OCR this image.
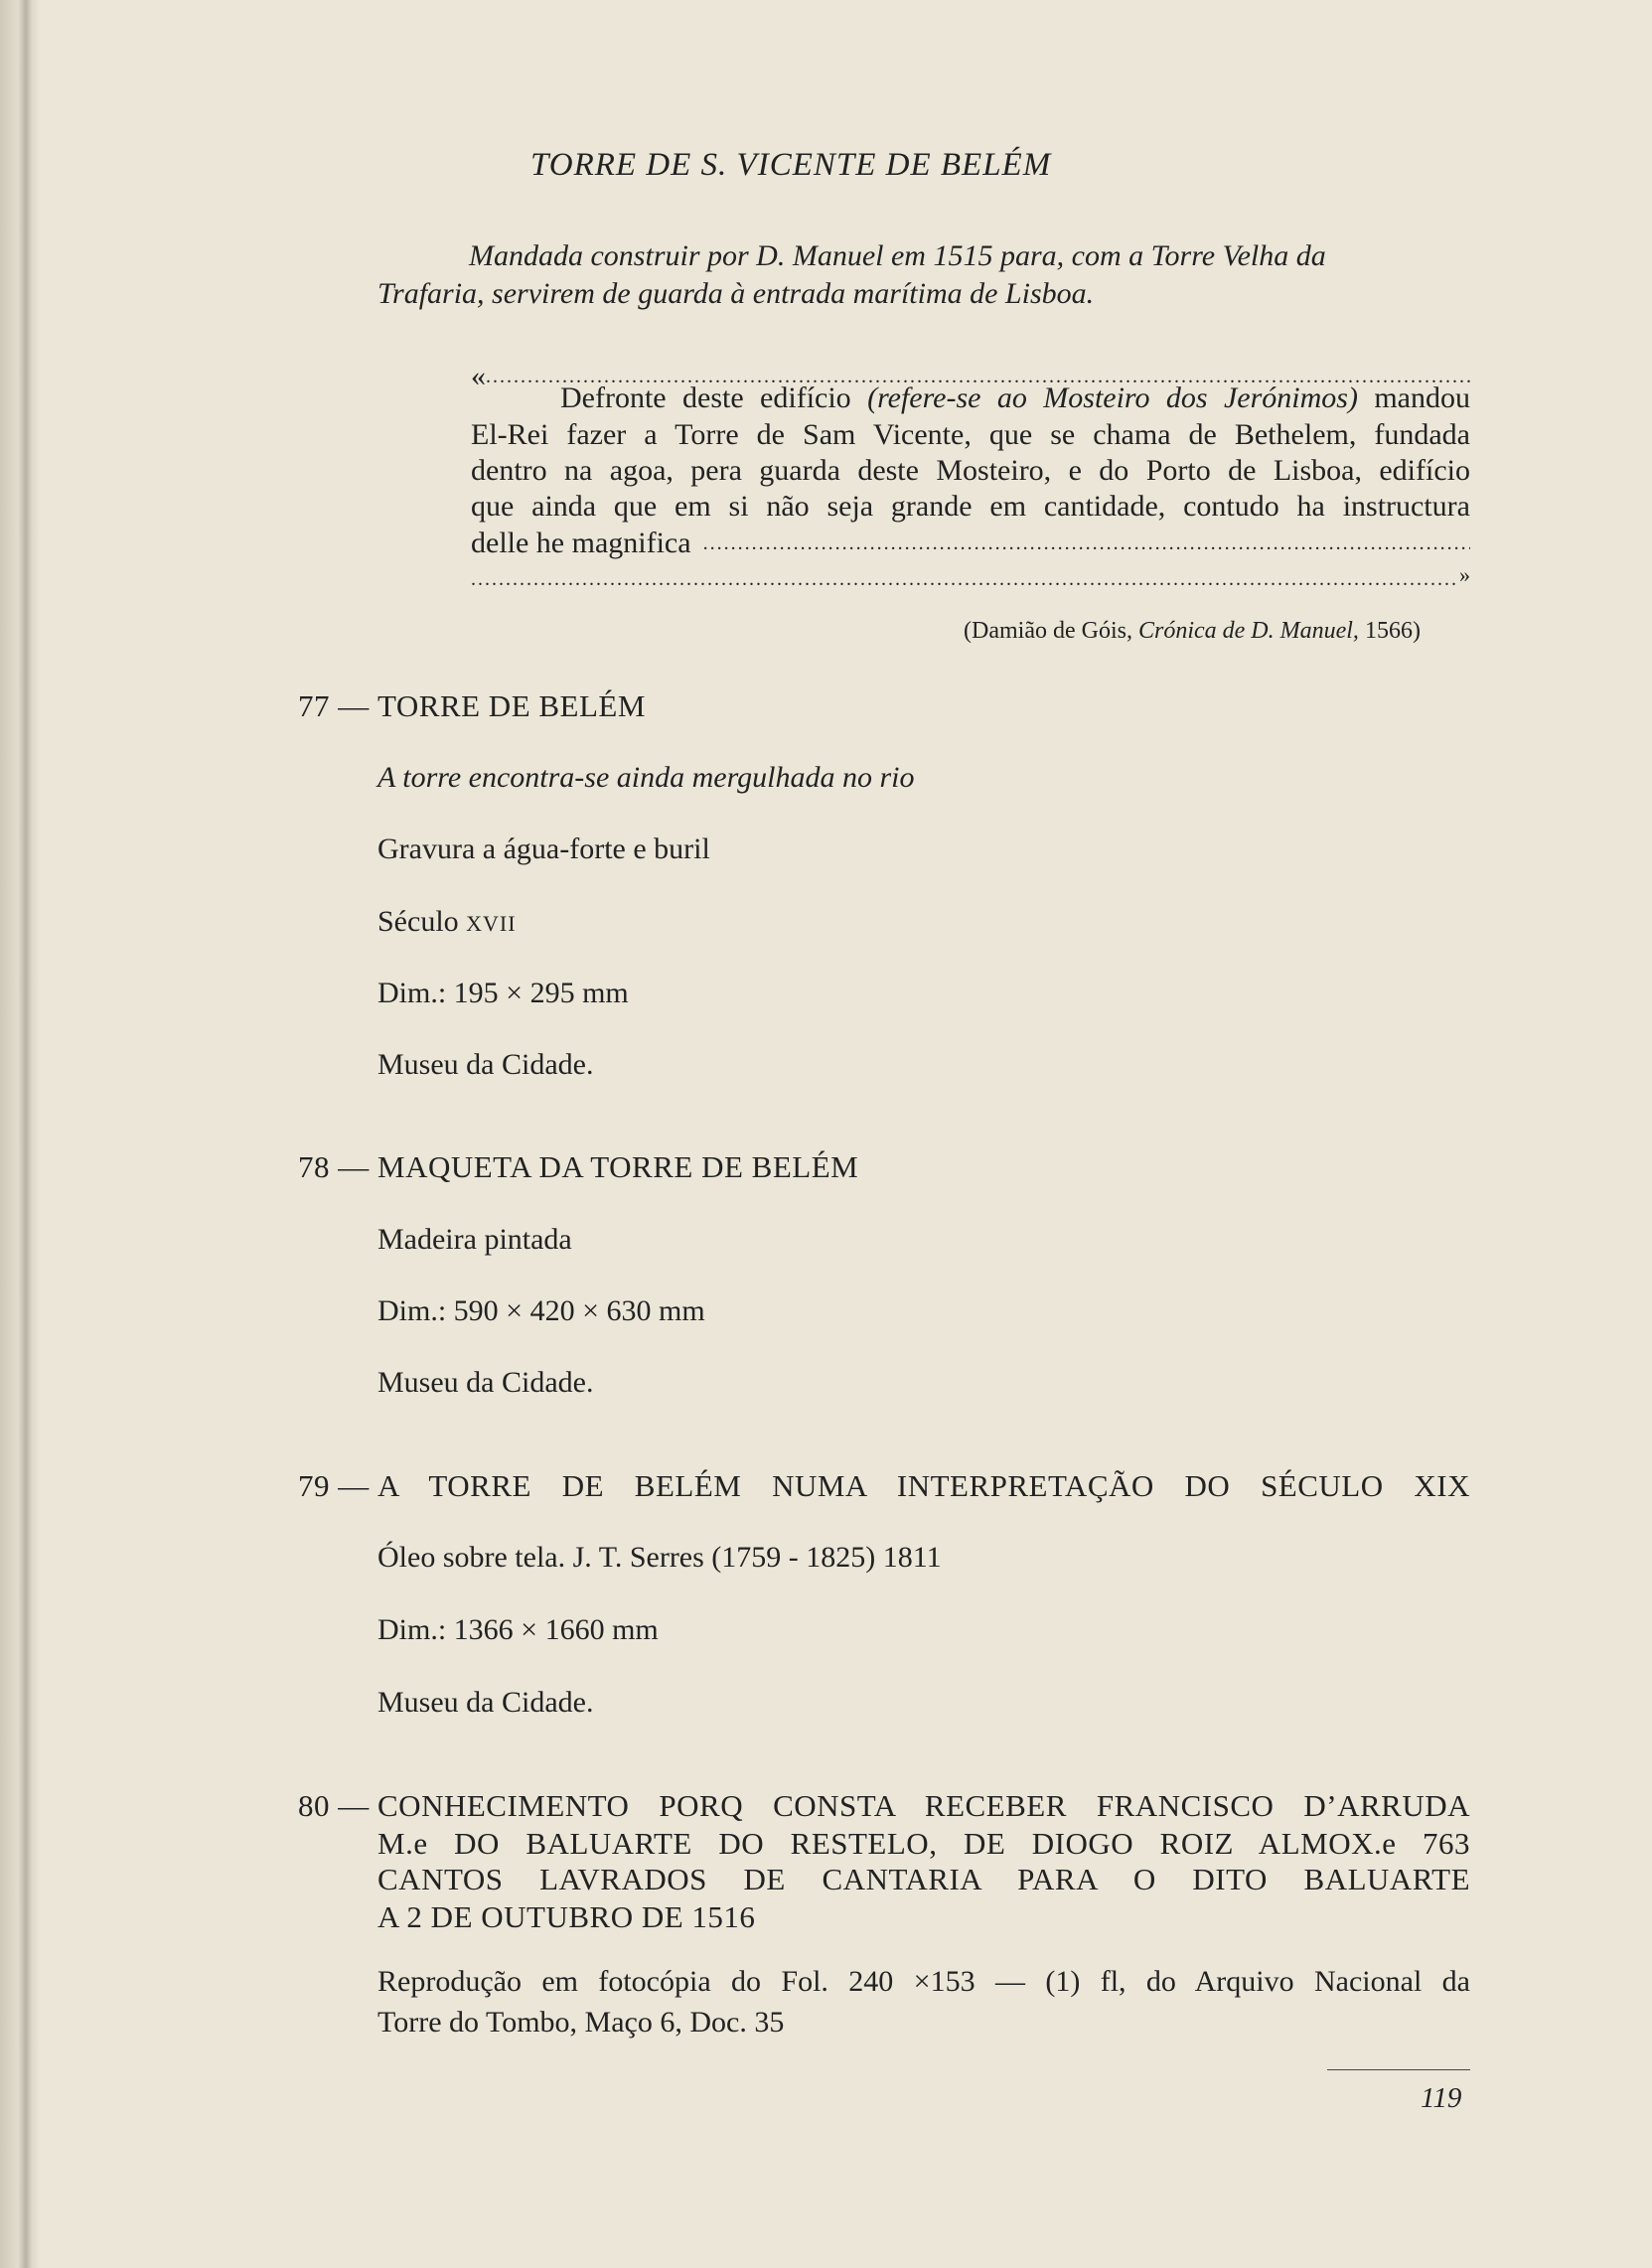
TORRE DE S. VICENTE DE BELÉM
Mandada construir por D. Manuel em 1515 para, com a Torre Velha da
Trafaria, servirem de guarda à entrada marítima de Lisboa.
«
.....
Defronte deste edifício (refere-se ao Mosteiro dos Jerónimos) mandou
El-Rei fazer a Torre de Sam Vicente, que se chama de Bethelem, fundada
dentro na agoa, pera guarda deste Mosteiro, e do Porto de Lisboa, edifício
que ainda que em si não seja grande em cantidade, contudo ha instructura
delle he magnifica
.....
.....
»
(Damião de Góis, Crónica de D. Manuel, 1566)
77 — TORRE DE BELÉM
A torre encontra-se ainda mergulhada no rio
Gravura a água-forte e buril
Século XVII
Dim.: 195 × 295 mm
Museu da Cidade.
78 — MAQUETA DA TORRE DE BELÉM
Madeira pintada
Dim.: 590 × 420 × 630 mm
Museu da Cidade.
79 — A TORRE DE BELÉM NUMA INTERPRETAÇÃO DO SÉCULO XIX
Óleo sobre tela. J. T. Serres (1759 - 1825) 1811
Dim.: 1366 × 1660 mm
Museu da Cidade.
80 — CONHECIMENTO PORQ CONSTA RECEBER FRANCISCO D’ARRUDA
M.e DO BALUARTE DO RESTELO, DE DIOGO ROIZ ALMOX.e 763
CANTOS LAVRADOS DE CANTARIA PARA O DITO BALUARTE
A 2 DE OUTUBRO DE 1516
Reprodução em fotocópia do Fol. 240 ×153 — (1) fl, do Arquivo Nacional da
Torre do Tombo, Maço 6, Doc. 35
119
